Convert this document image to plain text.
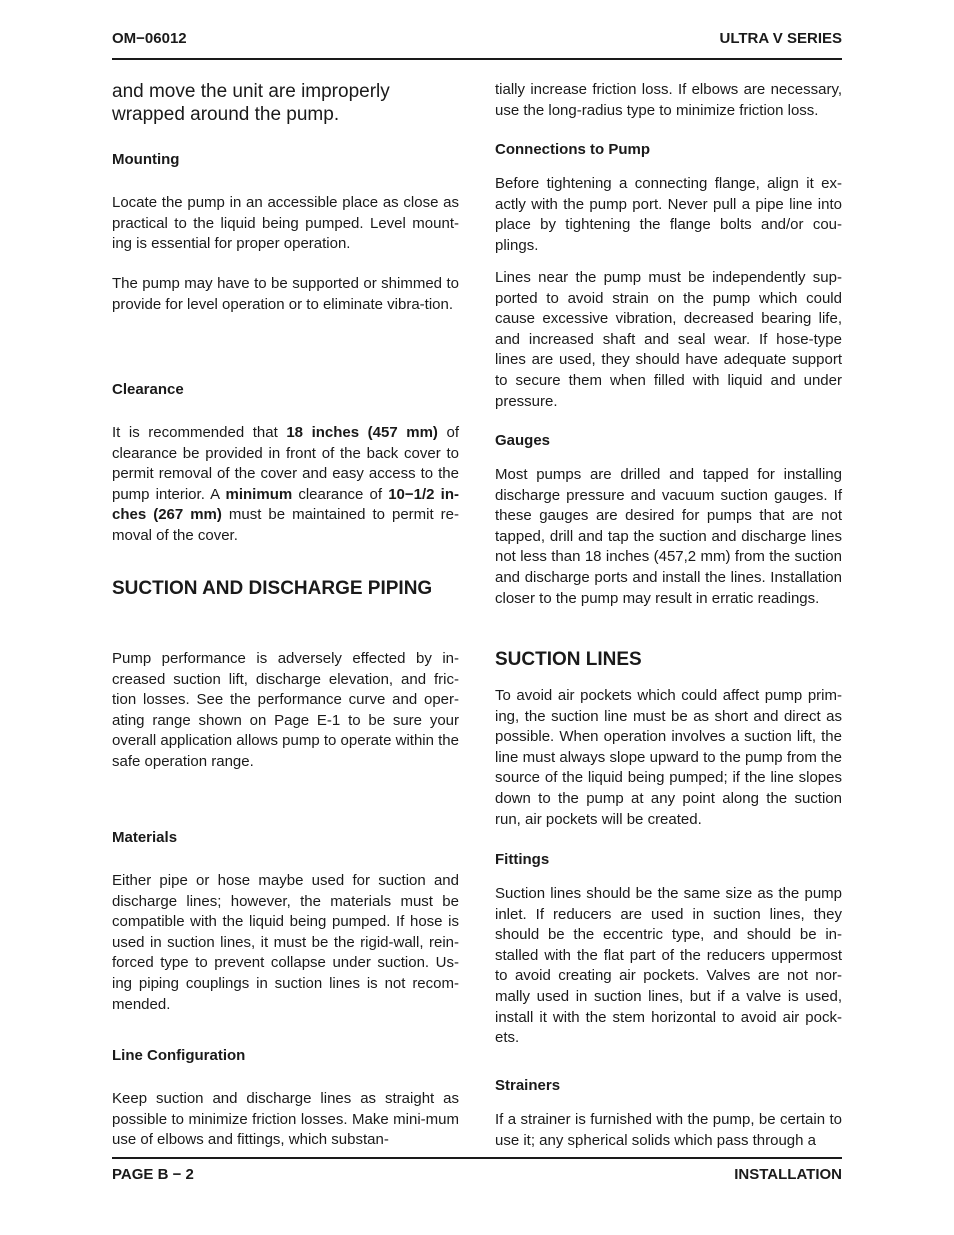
OM−06012	ULTRA V SERIES

and move the unit are improperly wrapped around the pump.

Mounting

Locate the pump in an accessible place as close as practical to the liquid being pumped. Level mount-ing is essential for proper operation.

The pump may have to be supported or shimmed to provide for level operation or to eliminate vibra-tion.

Clearance

It is recommended that 18 inches (457 mm) of clearance be provided in front of the back cover to permit removal of the cover and easy access to the pump interior. A minimum clearance of 10−1/2 in-ches (267 mm) must be maintained to permit re-moval of the cover.

SUCTION AND DISCHARGE PIPING

Pump performance is adversely effected by in-creased suction lift, discharge elevation, and fric-tion losses. See the performance curve and oper-ating range shown on Page E-1 to be sure your overall application allows pump to operate within the safe operation range.

Materials

Either pipe or hose maybe used for suction and discharge lines; however, the materials must be compatible with the liquid being pumped. If hose is used in suction lines, it must be the rigid-wall, rein-forced type to prevent collapse under suction. Us-ing piping couplings in suction lines is not recom-mended.

Line Configuration

Keep suction and discharge lines as straight as possible to minimize friction losses. Make mini-mum use of elbows and fittings, which substan-

tially increase friction loss. If elbows are necessary, use the long-radius type to minimize friction loss.

Connections to Pump

Before tightening a connecting flange, align it ex-actly with the pump port. Never pull a pipe line into place by tightening the flange bolts and/or cou-plings.

Lines near the pump must be independently sup-ported to avoid strain on the pump which could cause excessive vibration, decreased bearing life, and increased shaft and seal wear. If hose-type lines are used, they should have adequate support to secure them when filled with liquid and under pressure.

Gauges

Most pumps are drilled and tapped for installing discharge pressure and vacuum suction gauges. If these gauges are desired for pumps that are not tapped, drill and tap the suction and discharge lines not less than 18 inches (457,2 mm) from the suction and discharge ports and install the lines. Installation closer to the pump may result in erratic readings.

SUCTION LINES

To avoid air pockets which could affect pump prim-ing, the suction line must be as short and direct as possible. When operation involves a suction lift, the line must always slope upward to the pump from the source of the liquid being pumped; if the line slopes down to the pump at any point along the suction run, air pockets will be created.

Fittings

Suction lines should be the same size as the pump inlet. If reducers are used in suction lines, they should be the eccentric type, and should be in-stalled with the flat part of the reducers uppermost to avoid creating air pockets. Valves are not nor-mally used in suction lines, but if a valve is used, install it with the stem horizontal to avoid air pock-ets.

Strainers

If a strainer is furnished with the pump, be certain to use it; any spherical solids which pass through a

PAGE B − 2	INSTALLATION
